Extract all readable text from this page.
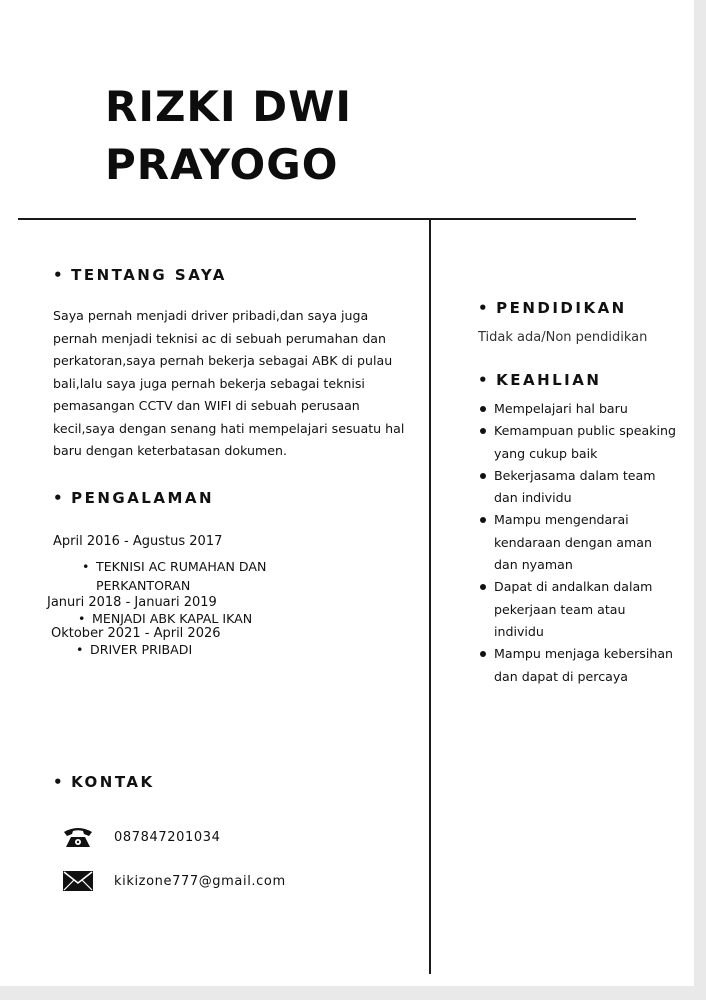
RIZKI DWI
PRAYOGO
• TENTANG SAYA
Saya pernah menjadi driver pribadi,dan saya juga pernah menjadi teknisi ac di sebuah perumahan dan perkatoran,saya pernah bekerja sebagai ABK di pulau bali,lalu saya juga pernah bekerja sebagai teknisi pemasangan CCTV dan WIFI di sebuah perusaan kecil,saya dengan senang hati mempelajari sesuatu hal baru dengan keterbatasan dokumen.
• PENGALAMAN
April 2016 - Agustus 2017
• TEKNISI AC RUMAHAN DAN
PERKANTORAN
Januri 2018 - Januari 2019
• MENJADI ABK KAPAL IKAN
Oktober 2021 - April 2026
• DRIVER PRIBADI
• KONTAK
087847201034
kikizone777@gmail.com
• PENDIDIKAN
Tidak ada/Non pendidikan
• KEAHLIAN
Mempelajari hal baru
Kemampuan public speaking yang cukup baik
Bekerjasama dalam team dan individu
Mampu mengendarai kendaraan dengan aman dan nyaman
Dapat di andalkan dalam pekerjaan team atau individu
Mampu menjaga kebersihan dan dapat di percaya
